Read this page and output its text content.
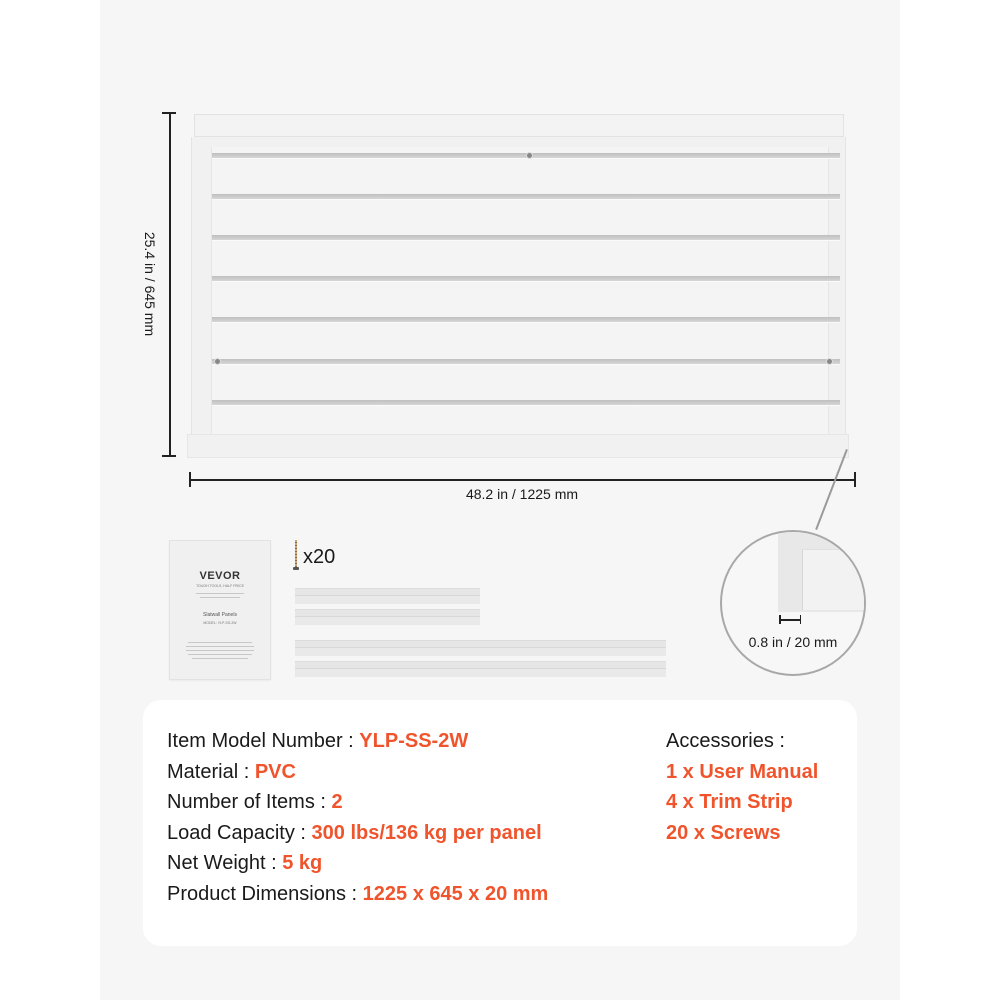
25.4 in / 645 mm
48.2 in / 1225 mm
0.8 in / 20 mm
VEVOR
TOUGH TOOLS, HALF PRICE
Slatwall Panels
MODEL: YLP-SS-2W
x20
Item Model Number : YLP-SS-2W
Material : PVC
Number of Items : 2
Load Capacity : 300 lbs/136 kg per panel
Net Weight : 5 kg
Product Dimensions : 1225 x 645 x 20 mm
Accessories :
1 x User Manual
4 x Trim Strip
20 x Screws
